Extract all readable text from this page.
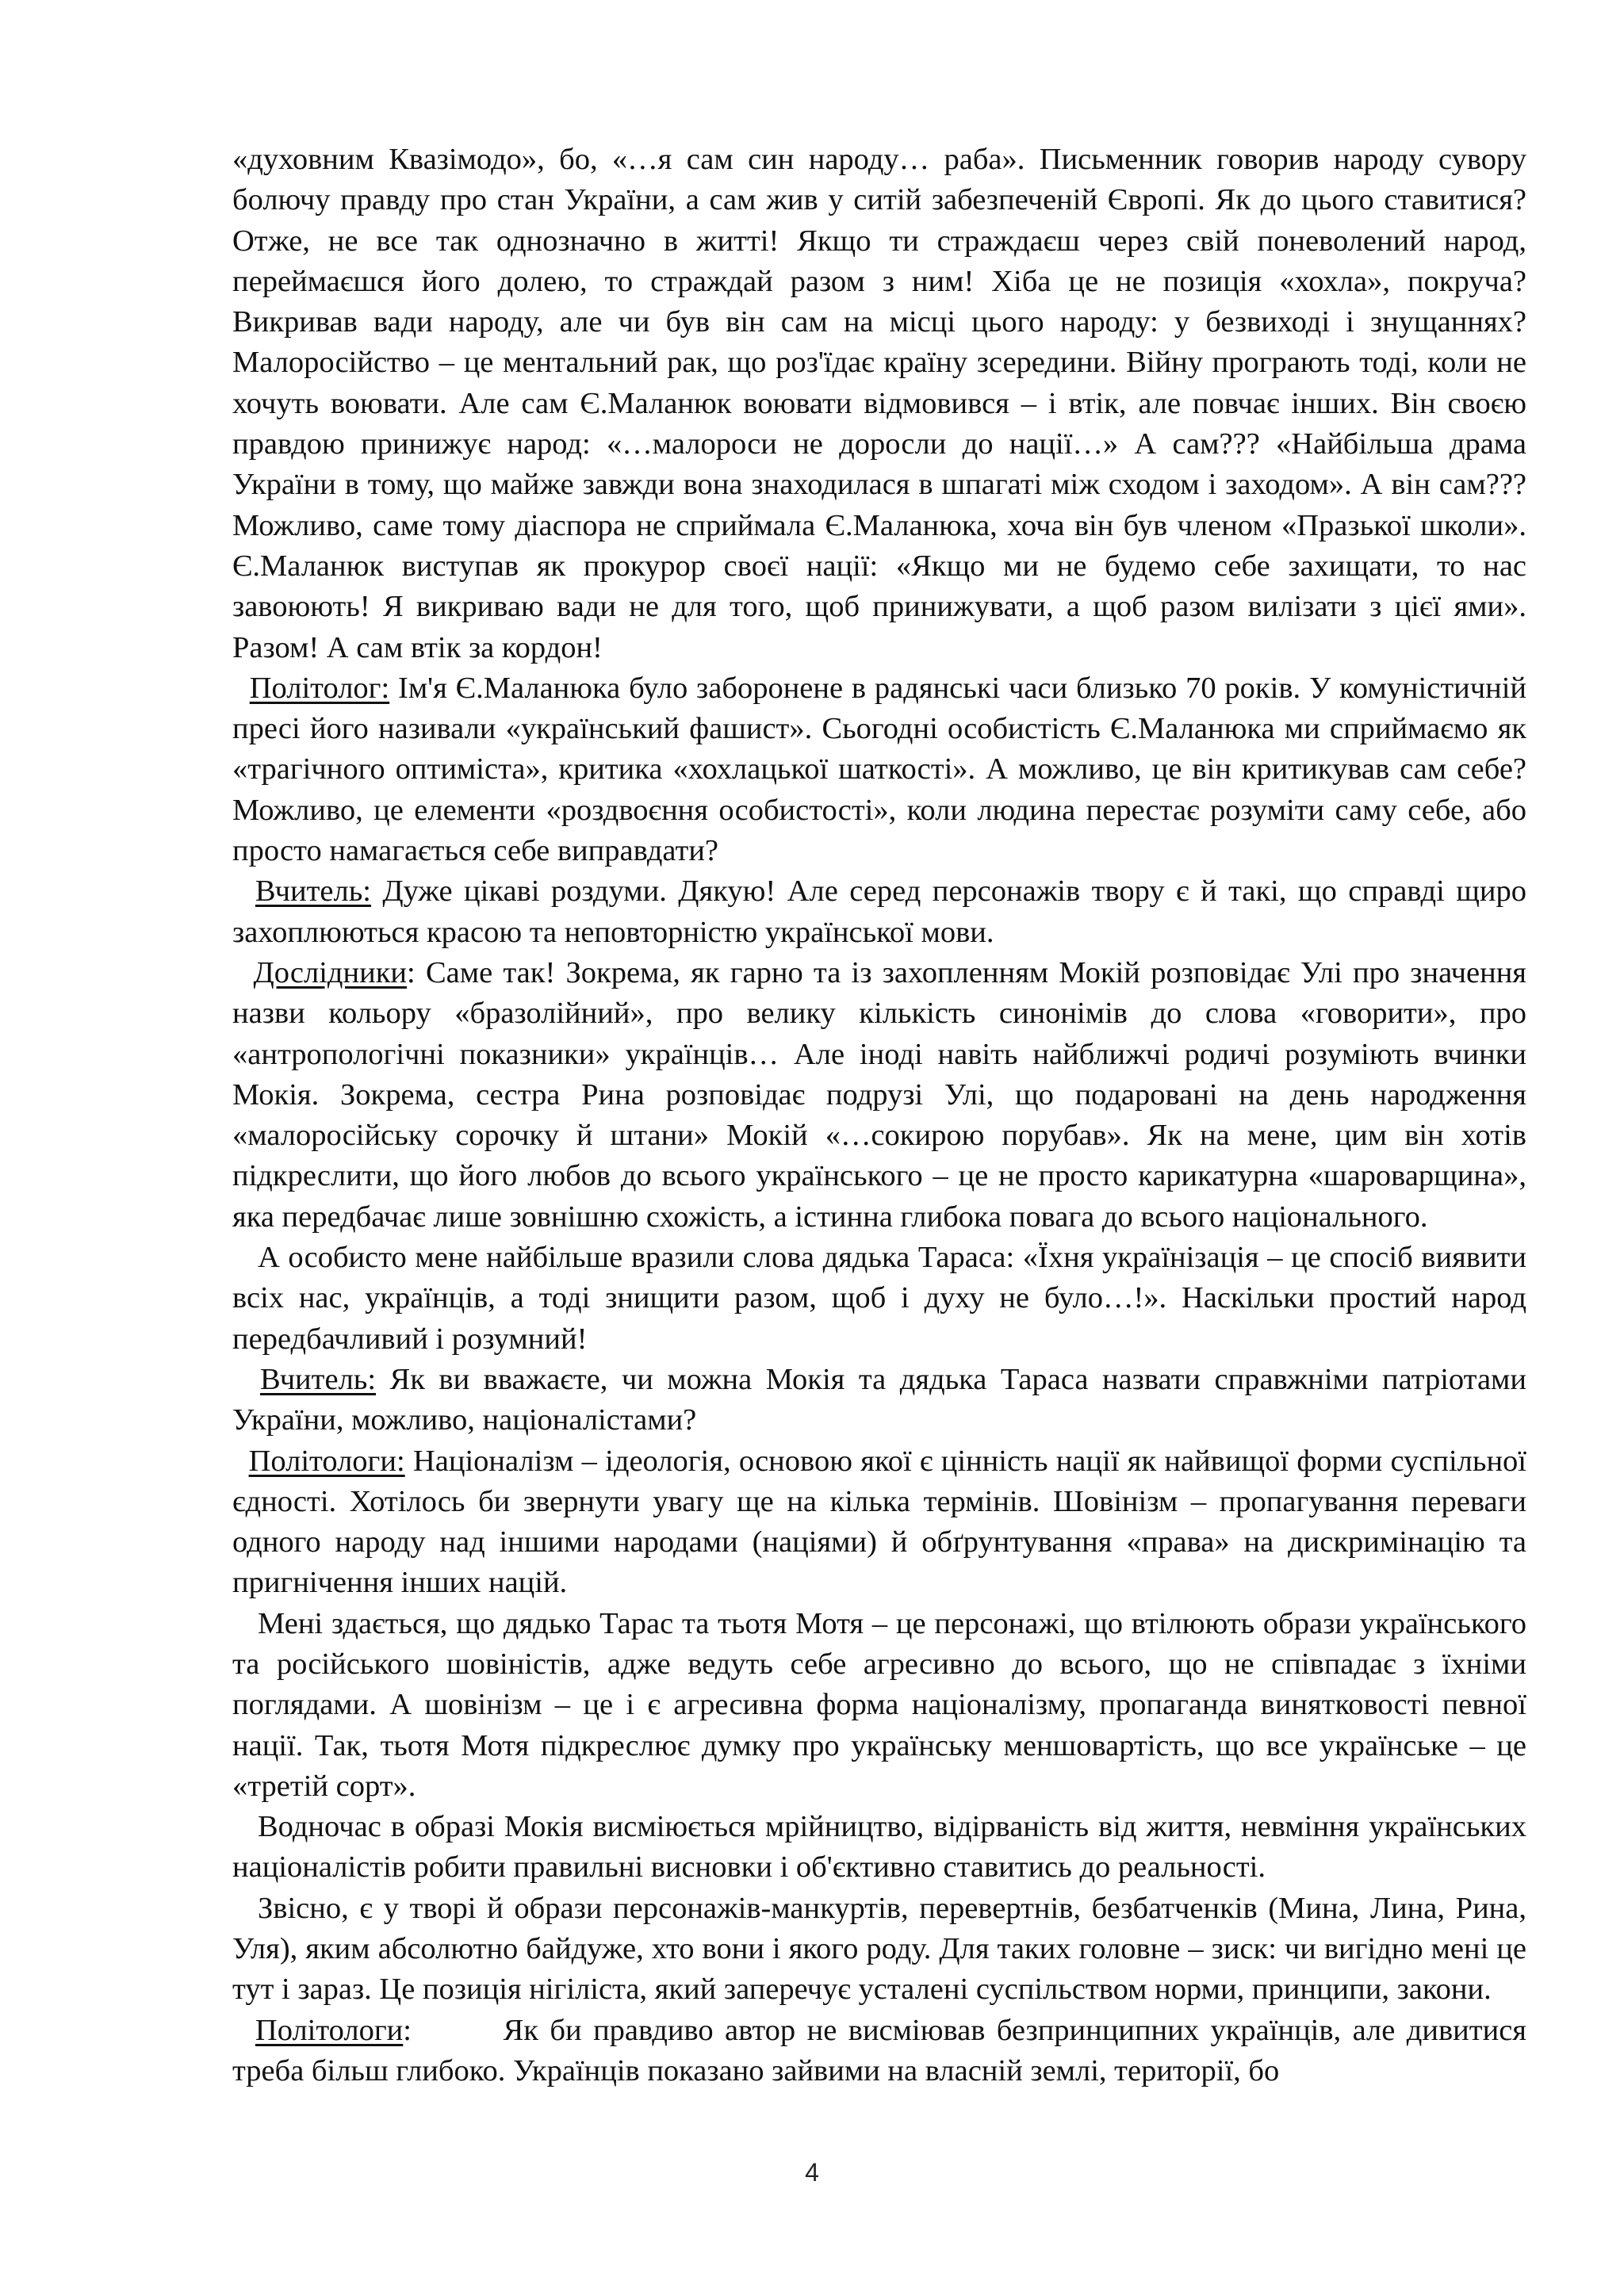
«духовним Квазімодо», бо, «…я сам син народу… раба». Письменник говорив народу сувору болючу правду про стан України, а сам жив у ситій забезпеченій Європі. Як до цього ставитися? Отже, не все так однозначно в житті! Якщо ти страждаєш через свій поневолений народ, переймаєшся його долею, то страждай разом з ним! Хіба це не позиція «хохла», покруча? Викривав вади народу, але чи був він сам на місці цього народу: у безвиході і знущаннях? Малоросійство – це ментальний рак, що роз'їдає країну зсередини. Війну програють тоді, коли не хочуть воювати. Але сам Є.Маланюк воювати відмовився – і втік, але повчає інших. Він своєю правдою принижує народ: «…малороси не доросли до нації…» А сам??? «Найбільша драма України в тому, що майже завжди вона знаходилася в шпагаті між сходом і заходом». А він сам??? Можливо, саме тому діаспора не сприймала Є.Маланюка, хоча він був членом «Празької школи». Є.Маланюк виступав як прокурор своєї нації: «Якщо ми не будемо себе захищати, то нас завоюють! Я викриваю вади не для того, щоб принижувати, а щоб разом вилізати з цієї ями». Разом! А сам втік за кордон!

Політолог: Ім'я Є.Маланюка було заборонене в радянські часи близько 70 років. У комуністичній пресі його називали «український фашист». Сьогодні особистість Є.Маланюка ми сприймаємо як «трагічного оптиміста», критика «хохлацької шаткості». А можливо, це він критикував сам себе? Можливо, це елементи «роздвоєння особистості», коли людина перестає розуміти саму себе, або просто намагається себе виправдати?

Вчитель: Дуже цікаві роздуми. Дякую! Але серед персонажів твору є й такі, що справді щиро захоплюються красою та неповторністю української мови.

Дослідники: Саме так! Зокрема, як гарно та із захопленням Мокій розповідає Улі про значення назви кольору «бразолійний», про велику кількість синонімів до слова «говорити», про «антропологічні показники» українців… Але іноді навіть найближчі родичі розуміють вчинки Мокія. Зокрема, сестра Рина розповідає подрузі Улі, що подаровані на день народження «малоросійську сорочку й штани» Мокій «…сокирою порубав». Як на мене, цим він хотів підкреслити, що його любов до всього українського – це не просто карикатурна «шароварщина», яка передбачає лише зовнішню схожість, а істинна глибока повага до всього національного.

А особисто мене найбільше вразили слова дядька Тараса: «Їхня українізація – це спосіб виявити всіх нас, українців, а тоді знищити разом, щоб і духу не було…!». Наскільки простий народ передбачливий і розумний!

Вчитель: Як ви вважаєте, чи можна Мокія та дядька Тараса назвати справжніми патріотами України, можливо, націоналістами?

Політологи: Націоналізм – ідеологія, основою якої є цінність нації як найвищої форми суспільної єдності. Хотілось би звернути увагу ще на кілька термінів. Шовінізм – пропагування переваги одного народу над іншими народами (націями) й обґрунтування «права» на дискримінацію та пригнічення інших націй.

Мені здається, що дядько Тарас та тьотя Мотя – це персонажі, що втілюють образи українського та російського шовіністів, адже ведуть себе агресивно до всього, що не співпадає з їхніми поглядами. А шовінізм – це і є агресивна форма націоналізму, пропаганда винятковості певної нації. Так, тьотя Мотя підкреслює думку про українську меншовартість, що все українське – це «третій сорт».

Водночас в образі Мокія висміюється мрійництво, відірваність від життя, невміння українських націоналістів робити правильні висновки і об'єктивно ставитись до реальності.

Звісно, є у творі й образи персонажів-манкуртів, перевертнів, безбатченків (Мина, Лина, Рина, Уля), яким абсолютно байдуже, хто вони і якого роду. Для таких головне – зиск: чи вигідно мені це тут і зараз. Це позиція нігіліста, який заперечує усталені суспільством норми, принципи, закони.

Політологи:        Як би правдиво автор не висміював безпринципних українців, але дивитися треба більш глибоко. Українців показано зайвими на власній землі, території, бо

4
